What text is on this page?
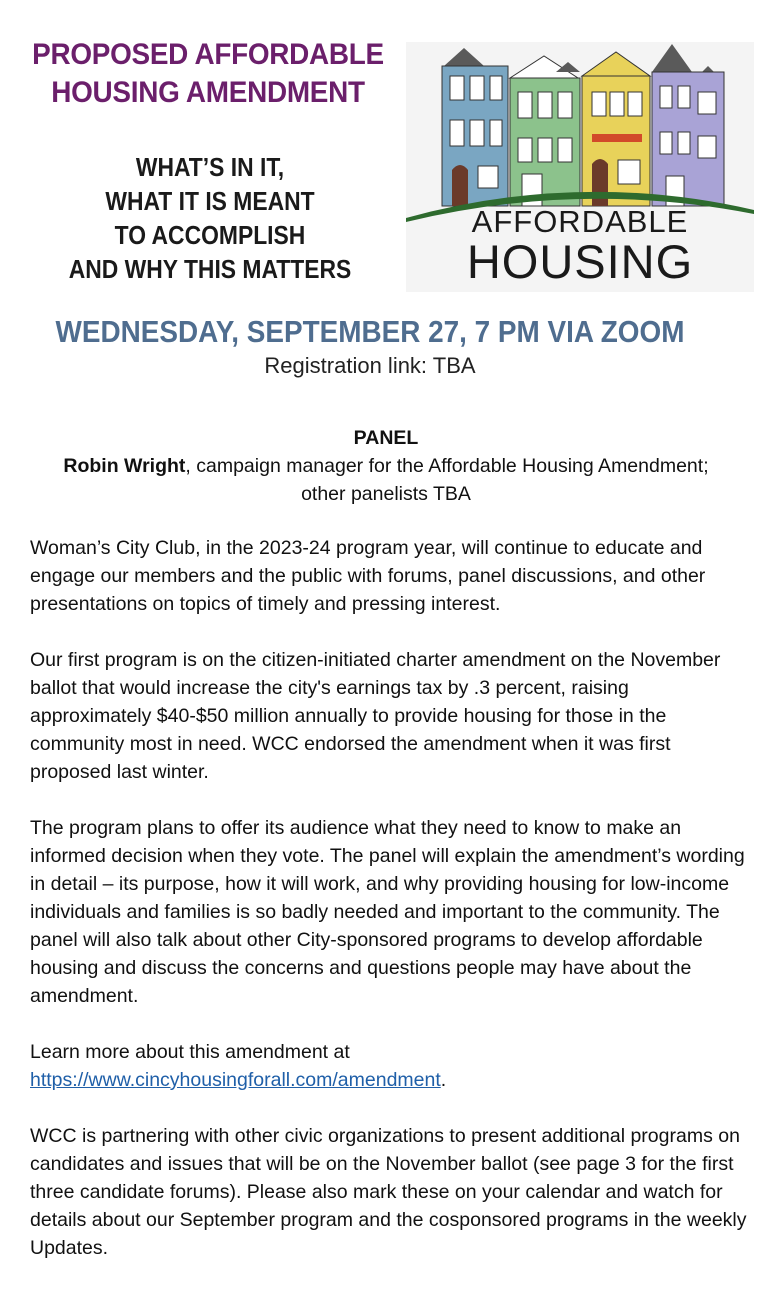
PROPOSED AFFORDABLE
HOUSING AMENDMENT
WHAT’S IN IT,
WHAT IT IS MEANT
TO ACCOMPLISH
AND WHY THIS MATTERS
AFFORDABLE
HOUSING
WEDNESDAY, SEPTEMBER 27, 7 PM VIA ZOOM
Registration link: TBA
PANEL
Robin Wright, campaign manager for the Affordable Housing Amendment;
other panelists TBA

Woman’s City Club, in the 2023-24 program year, will continue to educate and engage our members and the public with forums, panel discussions, and other presentations on topics of timely and pressing interest.

Our first program is on the citizen-initiated charter amendment on the November ballot that would increase the city's earnings tax by .3 percent, raising approximately $40-$50 million annually to provide housing for those in the community most in need. WCC endorsed the amendment when it was first proposed last winter.

The program plans to offer its audience what they need to know to make an informed decision when they vote. The panel will explain the amendment’s wording in detail – its purpose, how it will work, and why providing housing for low-income individuals and families is so badly needed and important to the community. The panel will also talk about other City-sponsored programs to develop affordable housing and discuss the concerns and questions people may have about the amendment.

Learn more about this amendment at https://www.cincyhousingforall.com/amendment.

WCC is partnering with other civic organizations to present additional programs on candidates and issues that will be on the November ballot (see page 3 for the first three candidate forums). Please also mark these on your calendar and watch for details about our September program and the cosponsored programs in the weekly Updates.
